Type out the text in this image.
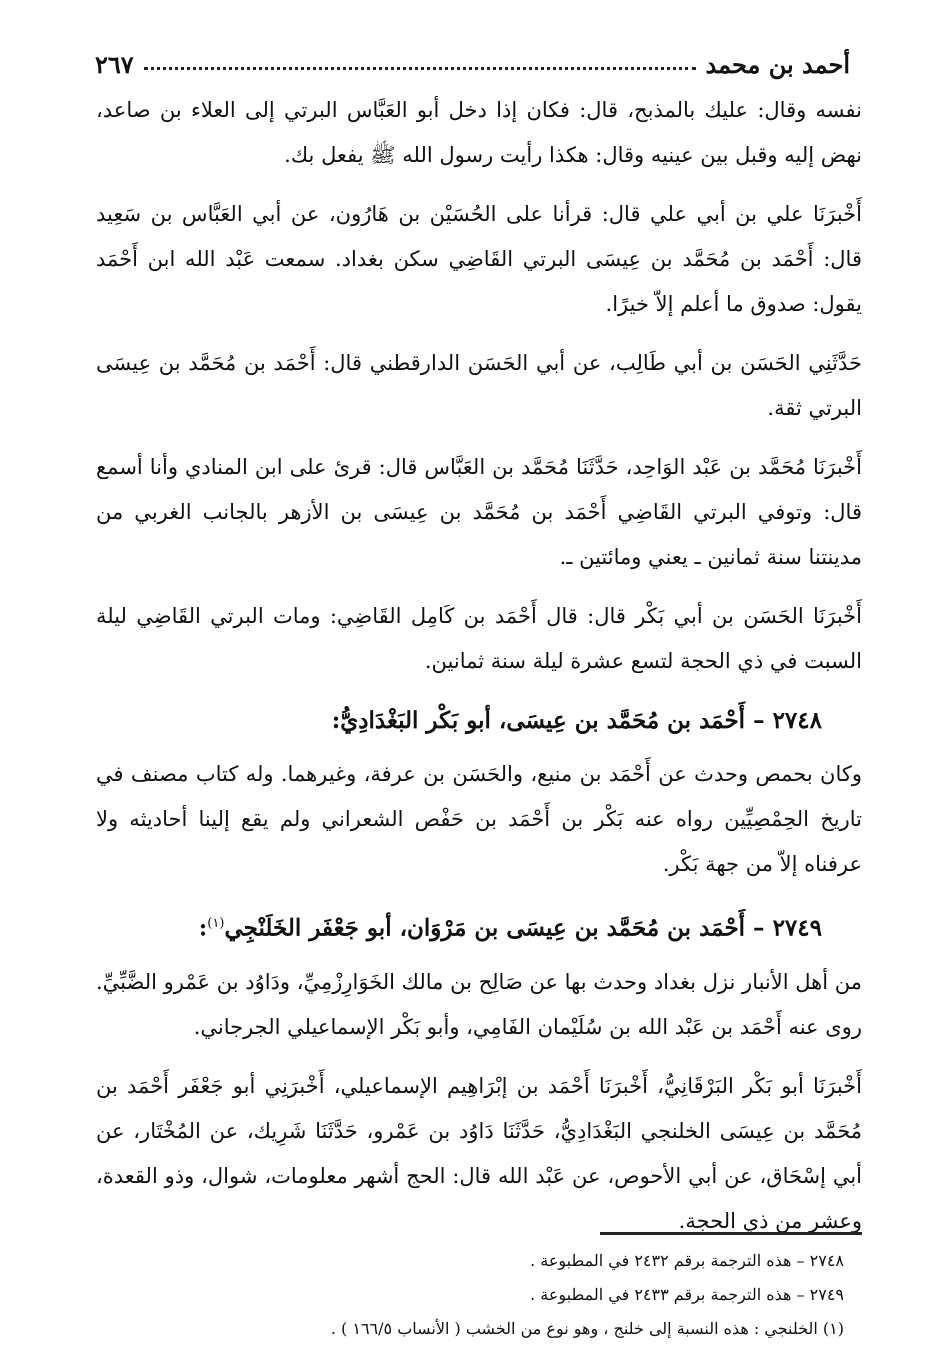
٢٦٧	أحمد بن محمد

نفسه وقال: عليك بالمذبح، قال: فكان إذا دخل أبو العَبَّاس البرتي إلى العلاء بن صاعد، نهض إليه وقبل بين عينيه وقال: هكذا رأيت رسول الله ﷺ يفعل بك.

أَخْبرَنَا علي بن أبي علي قال: قرأنا على الحُسَيْن بن هَارُون، عن أبي العَبَّاس بن سَعِيد قال: أَحْمَد بن مُحَمَّد بن عِيسَى البرتي القَاضِي سكن بغداد. سمعت عَبْد الله ابن أَحْمَد يقول: صدوق ما أعلم إلاّ خيرًا.

حَدَّثَنِي الحَسَن بن أبي طَالِب، عن أبي الحَسَن الدارقطني قال: أَحْمَد بن مُحَمَّد بن عِيسَى البرتي ثقة.

أَخْبرَنَا مُحَمَّد بن عَبْد الوَاحِد، حَدَّثَنَا مُحَمَّد بن العَبَّاس قال: قرئ على ابن المنادي وأنا أسمع قال: وتوفي البرتي القَاضِي أَحْمَد بن مُحَمَّد بن عِيسَى بن الأزهر بالجانب الغربي من مدينتنا سنة ثمانين ـ يعني ومائتين ـ.

أَخْبرَنَا الحَسَن بن أبي بَكْر قال: قال أَحْمَد بن كَامِل القَاضِي: ومات البرتي القَاضِي ليلة السبت في ذي الحجة لتسع عشرة ليلة سنة ثمانين.

٢٧٤٨ – أَحْمَد بن مُحَمَّد بن عِيسَى، أبو بَكْر البَغْدَادِيُّ:

وكان بحمص وحدث عن أَحْمَد بن منيع، والحَسَن بن عرفة، وغيرهما. وله كتاب مصنف في تاريخ الحِمْصِيِّين رواه عنه بَكْر بن أَحْمَد بن حَفْص الشعراني ولم يقع إلينا أحاديثه ولا عرفناه إلاّ من جهة بَكْر.

٢٧٤٩ – أَحْمَد بن مُحَمَّد بن عِيسَى بن مَرْوَان، أبو جَعْفَر الخَلَنْجِي$^{(١)}$:

من أهل الأنبار نزل بغداد وحدث بها عن صَالِح بن مالك الخَوَارِزْمِيِّ، ودَاوُد بن عَمْرو الضَّبِّيِّ. روى عنه أَحْمَد بن عَبْد الله بن سُلَيْمان الفَامِي، وأبو بَكْر الإسماعيلي الجرجاني.

أَخْبرَنَا أبو بَكْر البَرْقَانِيُّ، أَخْبرَنَا أَحْمَد بن إبْرَاهِيم الإسماعيلي، أَخْبرَنِي أبو جَعْفَر أَحْمَد بن مُحَمَّد بن عِيسَى الخلنجي البَغْدَادِيُّ، حَدَّثَنَا دَاوُد بن عَمْرو، حَدَّثَنَا شَرِيك، عن المُخْتَار، عن أبي إسْحَاق، عن أبي الأحوص، عن عَبْد الله قال: الحج أشهر معلومات، شوال، وذو القعدة، وعشر من ذي الحجة.

٢٧٤٨ – هذه الترجمة برقم ٢٤٣٢ في المطبوعة .
٢٧٤٩ – هذه الترجمة برقم ٢٤٣٣ في المطبوعة .
(١) الخلنجي : هذه النسبة إلى خلنج ، وهو نوع من الخشب ( الأنساب ١٦٦/٥ ) .
